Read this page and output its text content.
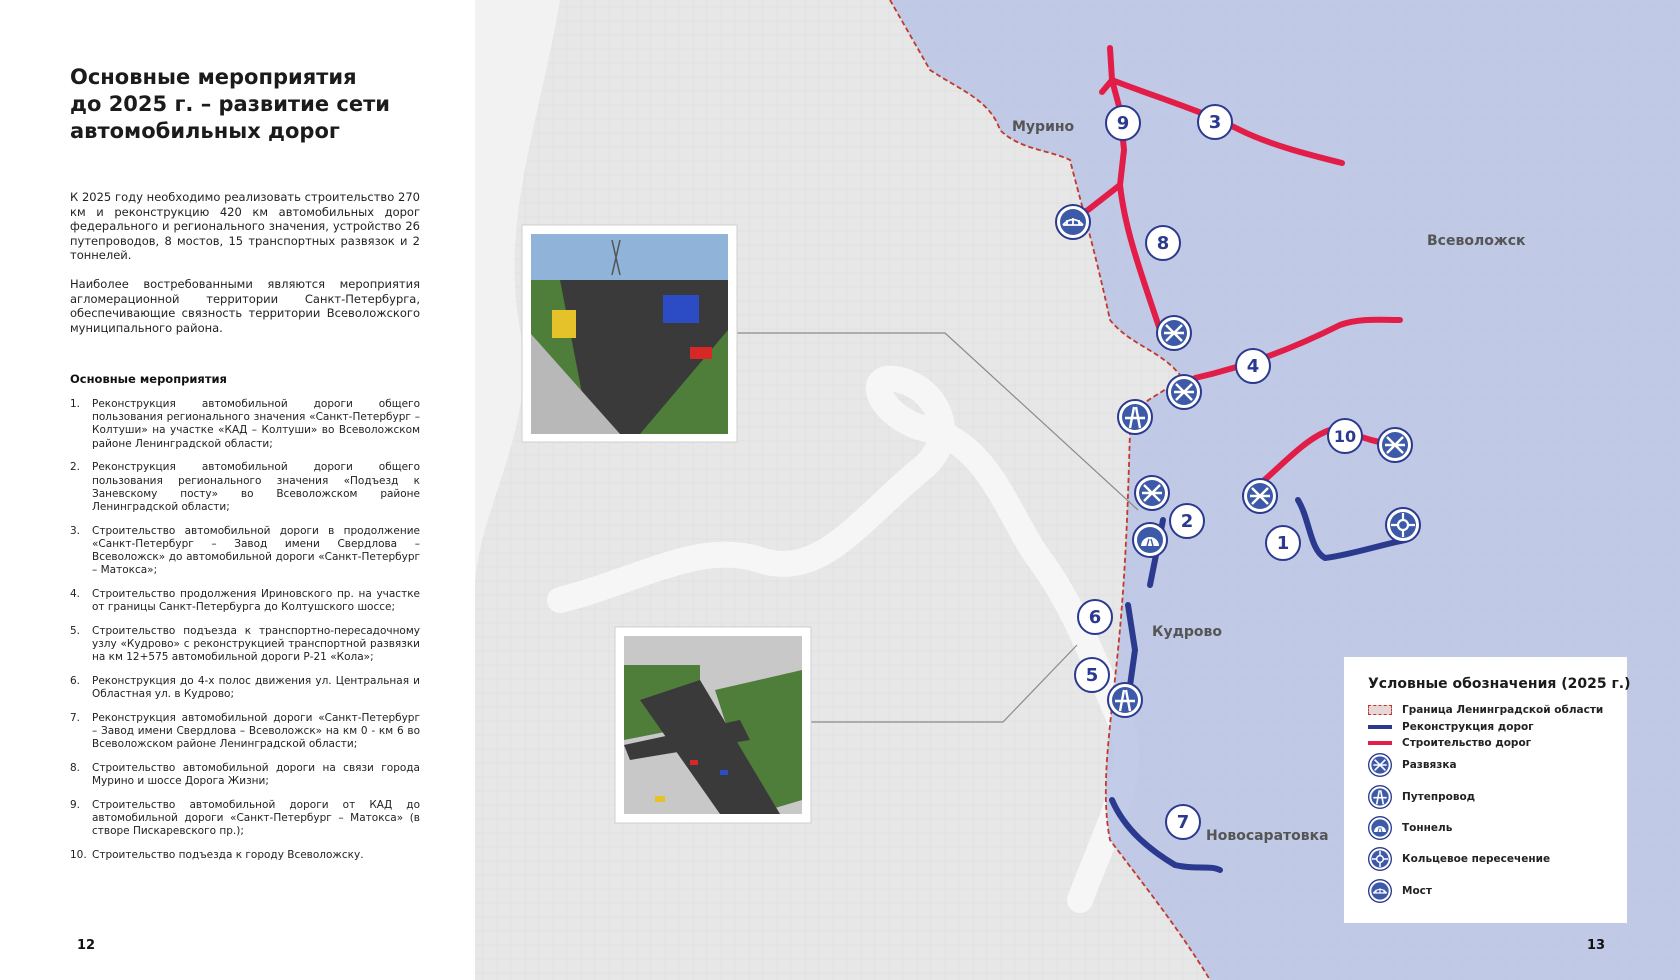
Основные мероприятия
до 2025 г. – развитие сети
автомобильных дорог

К 2025 году необходимо реализовать строительство 270 км и реконструкцию 420 км автомобильных дорог федерального и регионального значения, устройство 26 путепроводов, 8 мостов, 15 транспортных развязок и 2 тоннелей.

Наиболее востребованными являются мероприятия агломерационной территории Санкт-Петербурга, обеспечивающие связность территории Всеволожского муниципального района.

Основные мероприятия
1.	Реконструкция автомобильной дороги общего пользования регионального значения «Санкт-Петербург – Колтуши» на участке «КАД – Колтуши» во Всеволожском районе Ленинградской области;
2.	Реконструкция автомобильной дороги общего пользования регионального значения «Подъезд к Заневскому посту» во Всеволожском районе Ленинградской области;
3.	Строительство автомобильной дороги в продолжение «Санкт-Петербург – Завод имени Свердлова – Всеволожск» до автомобильной дороги «Санкт-Петербург – Матокса»;
4.	Строительство продолжения Ириновского пр. на участке от границы Санкт-Петербурга до Колтушского шоссе;
5.	Строительство подъезда к транспортно-пересадочному узлу «Кудрово» с реконструкцией транспортной развязки на км 12+575 автомобильной дороги Р-21 «Кола»;
6.	Реконструкция до 4-х полос движения ул. Центральная и Областная ул. в Кудрово;
7.	Реконструкция автомобильной дороги «Санкт-Петербург – Завод имени Свердлова – Всеволожск» на км 0 - км 6 во Всеволожском районе Ленинградской области;
8.	Строительство автомобильной дороги на связи города Мурино и шоссе Дорога Жизни;
9.	Строительство автомобильной дороги от КАД до автомобильной дороги «Санкт-Петербург – Матокса» (в створе Пискаревского пр.);
10. Строительство подъезда к городу Всеволожску.
12
1
2
3
4
5
6
7
8
9
10
Мурино
Всеволожск
Кудрово
Новосаратовка
Условные обозначения (2025 г.)
Граница Ленинградской области
Реконструкция дорог
Строительство дорог
Развязка
Путепровод
Тоннель
Кольцевое пересечение
Мост
13
